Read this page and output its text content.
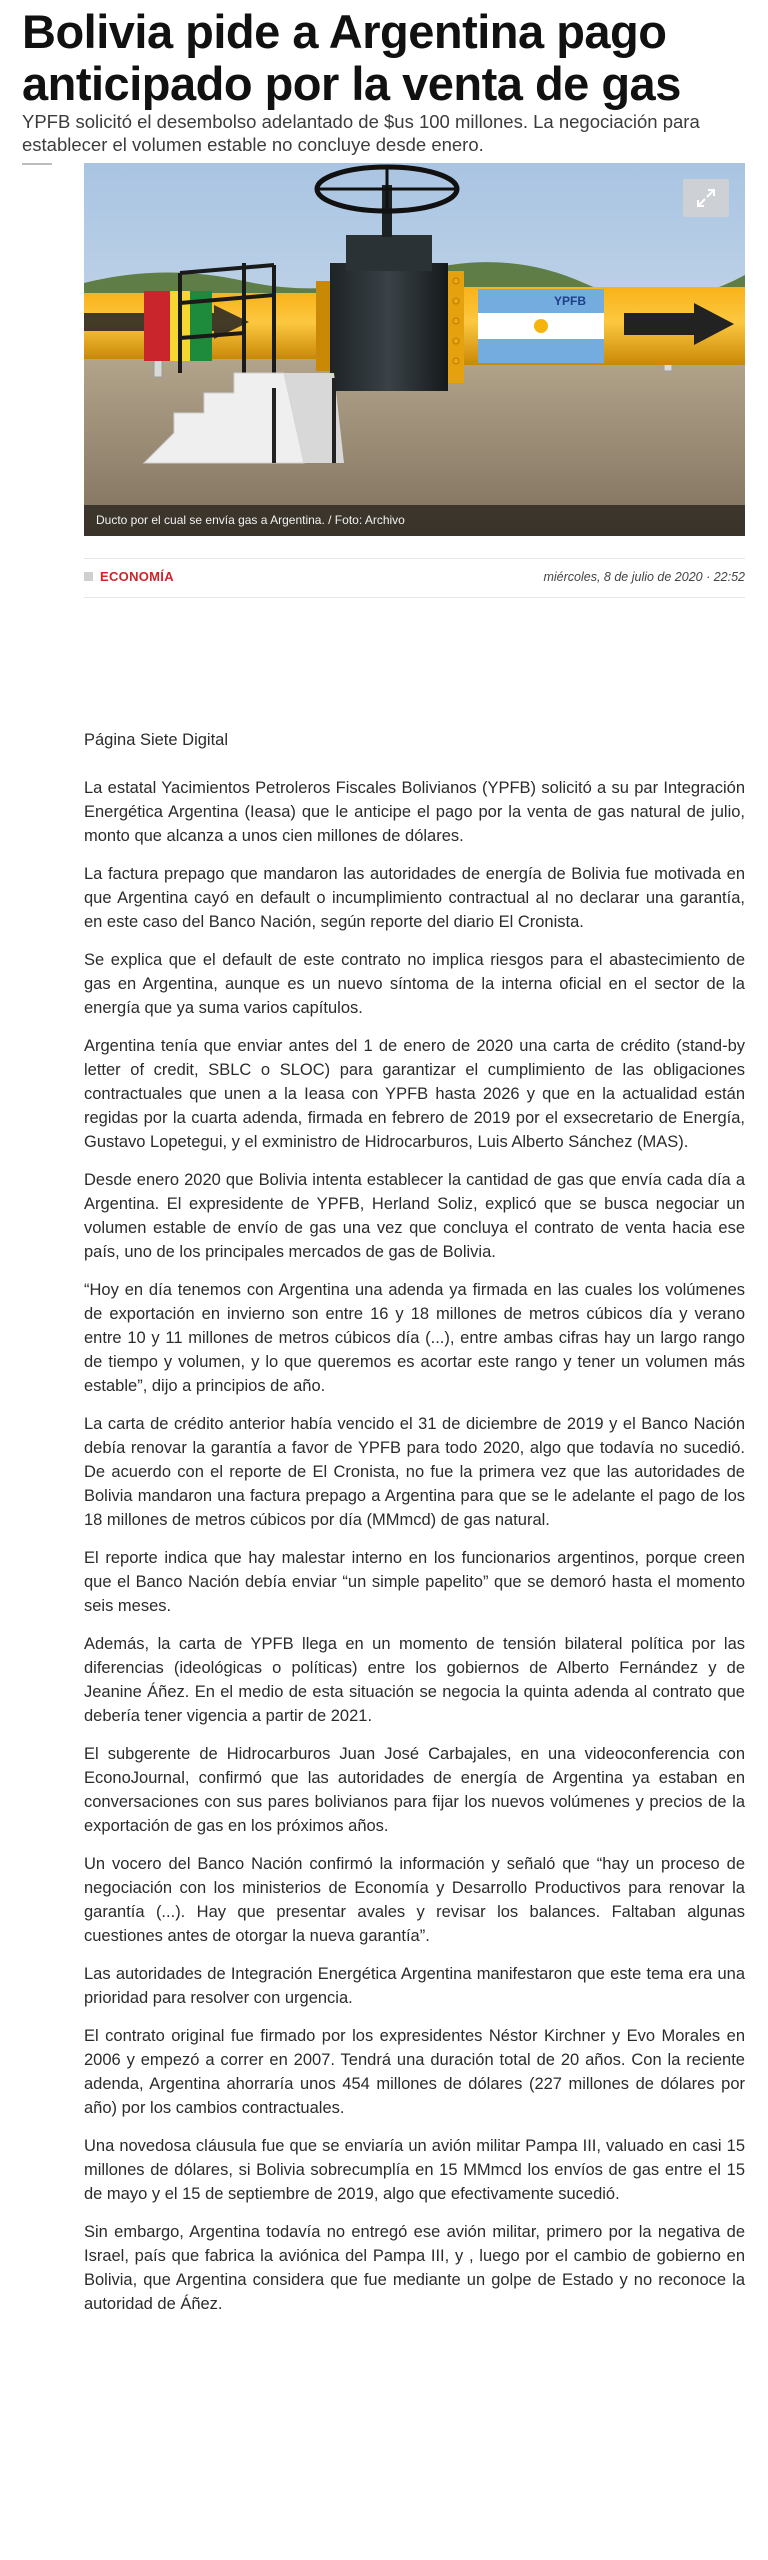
Bolivia pide a Argentina pago anticipado por la venta de gas

YPFB solicitó el desembolso adelantado de $us 100 millones. La negociación para establecer el volumen estable no concluye desde enero.

YPFB
Ducto por el cual se envía gas a Argentina. / Foto: Archivo
ECONOMÍA	miércoles, 8 de julio de 2020 · 22:52

Página Siete Digital

La estatal Yacimientos Petroleros Fiscales Bolivianos (YPFB) solicitó a su par Integración Energética Argentina (Ieasa) que le anticipe el pago por la venta de gas natural de julio, monto que alcanza a unos cien millones de dólares.

La factura prepago que mandaron las autoridades de energía de Bolivia fue motivada en que Argentina cayó en default o incumplimiento contractual al no declarar una garantía, en este caso del Banco Nación, según reporte del diario El Cronista.

Se explica que el default de este contrato no implica riesgos para el abastecimiento de gas en Argentina, aunque es un nuevo síntoma de la interna oficial en el sector de la energía que ya suma varios capítulos.

Argentina tenía que enviar antes del 1 de enero de 2020 una carta de crédito (stand-by letter of credit, SBLC o SLOC) para garantizar el cumplimiento de las obligaciones contractuales que unen a la Ieasa con YPFB hasta 2026 y que en la actualidad están regidas por la cuarta adenda, firmada en febrero de 2019 por el exsecretario de Energía, Gustavo Lopetegui, y el exministro de Hidrocarburos, Luis Alberto Sánchez (MAS).

Desde enero 2020 que Bolivia intenta establecer la cantidad de gas que envía cada día a Argentina. El expresidente de YPFB, Herland Soliz, explicó que se busca negociar un volumen estable de envío de gas una vez que concluya el contrato de venta hacia ese país, uno de los principales mercados de gas de Bolivia.

“Hoy en día tenemos con Argentina una adenda ya firmada en las cuales los volúmenes de exportación en invierno son entre 16 y 18 millones de metros cúbicos día y verano entre 10 y 11 millones de metros cúbicos día (...), entre ambas cifras hay un largo rango de tiempo y volumen, y lo que queremos es acortar este rango y tener un volumen más estable”, dijo a principios de año.

La carta de crédito anterior había vencido el 31 de diciembre de 2019 y el Banco Nación debía renovar la garantía a favor de YPFB para todo 2020, algo que todavía no sucedió. De acuerdo con el reporte de El Cronista, no fue la primera vez que las autoridades de Bolivia mandaron una factura prepago a Argentina para que se le adelante el pago de los 18 millones de metros cúbicos por día (MMmcd) de gas natural.

El reporte indica que hay malestar interno en los funcionarios argentinos, porque creen que el Banco Nación debía enviar “un simple papelito” que se demoró hasta el momento seis meses.

Además, la carta de YPFB llega en un momento de tensión bilateral política por las diferencias (ideológicas o políticas) entre los gobiernos de Alberto Fernández y de Jeanine Áñez. En el medio de esta situación se negocia la quinta adenda al contrato que debería tener vigencia a partir de 2021.

El subgerente de Hidrocarburos Juan José Carbajales, en una videoconferencia con EconoJournal, confirmó que las autoridades de energía de Argentina ya estaban en conversaciones con sus pares bolivianos para fijar los nuevos volúmenes y precios de la exportación de gas en los próximos años.

Un vocero del Banco Nación confirmó la información y señaló que “hay un proceso de negociación con los ministerios de Economía y Desarrollo Productivos para renovar la garantía (...). Hay que presentar avales y revisar los balances. Faltaban algunas cuestiones antes de otorgar la nueva garantía”.

Las autoridades de Integración Energética Argentina manifestaron que este tema era una prioridad para resolver con urgencia.

El contrato original fue firmado por los expresidentes Néstor Kirchner y Evo Morales en 2006 y empezó a correr en 2007. Tendrá una duración total de 20 años. Con la reciente adenda, Argentina ahorraría unos 454 millones de dólares (227 millones de dólares por año) por los cambios contractuales.

Una novedosa cláusula fue que se enviaría un avión militar Pampa III, valuado en casi 15 millones de dólares, si Bolivia sobrecumplía en 15 MMmcd los envíos de gas entre el 15 de mayo y el 15 de septiembre de 2019, algo que efectivamente sucedió.

Sin embargo, Argentina todavía no entregó ese avión militar, primero por la negativa de Israel, país que fabrica la aviónica del Pampa III, y , luego por el cambio de gobierno en Bolivia, que Argentina considera que fue mediante un golpe de Estado y no reconoce la autoridad de Áñez.
